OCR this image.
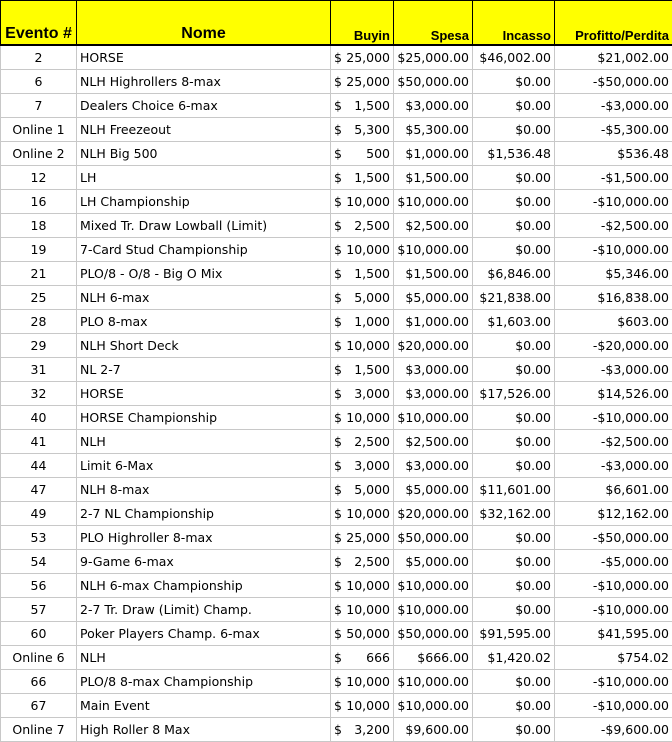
Evento #	Nome	Buyin	Spesa	Incasso	Profitto/Perdita
2	HORSE	$ 25,000	$25,000.00	$46,002.00	$21,002.00
6	NLH Highrollers 8-max	$ 25,000	$50,000.00	$0.00	-$50,000.00
7	Dealers Choice 6-max	$ 1,500	$3,000.00	$0.00	-$3,000.00
Online 1	NLH Freezeout	$ 5,300	$5,300.00	$0.00	-$5,300.00
Online 2	NLH Big 500	$ 500	$1,000.00	$1,536.48	$536.48
12	LH	$ 1,500	$1,500.00	$0.00	-$1,500.00
16	LH Championship	$ 10,000	$10,000.00	$0.00	-$10,000.00
18	Mixed Tr. Draw Lowball (Limit)	$ 2,500	$2,500.00	$0.00	-$2,500.00
19	7-Card Stud Championship	$ 10,000	$10,000.00	$0.00	-$10,000.00
21	PLO/8 - O/8 - Big O Mix	$ 1,500	$1,500.00	$6,846.00	$5,346.00
25	NLH 6-max	$ 5,000	$5,000.00	$21,838.00	$16,838.00
28	PLO 8-max	$ 1,000	$1,000.00	$1,603.00	$603.00
29	NLH Short Deck	$ 10,000	$20,000.00	$0.00	-$20,000.00
31	NL 2-7	$ 1,500	$3,000.00	$0.00	-$3,000.00
32	HORSE	$ 3,000	$3,000.00	$17,526.00	$14,526.00
40	HORSE Championship	$ 10,000	$10,000.00	$0.00	-$10,000.00
41	NLH	$ 2,500	$2,500.00	$0.00	-$2,500.00
44	Limit 6-Max	$ 3,000	$3,000.00	$0.00	-$3,000.00
47	NLH 8-max	$ 5,000	$5,000.00	$11,601.00	$6,601.00
49	2-7 NL Championship	$ 10,000	$20,000.00	$32,162.00	$12,162.00
53	PLO Highroller 8-max	$ 25,000	$50,000.00	$0.00	-$50,000.00
54	9-Game 6-max	$ 2,500	$5,000.00	$0.00	-$5,000.00
56	NLH 6-max Championship	$ 10,000	$10,000.00	$0.00	-$10,000.00
57	2-7 Tr. Draw (Limit) Champ.	$ 10,000	$10,000.00	$0.00	-$10,000.00
60	Poker Players Champ. 6-max	$ 50,000	$50,000.00	$91,595.00	$41,595.00
Online 6	NLH	$ 666	$666.00	$1,420.02	$754.02
66	PLO/8 8-max Championship	$ 10,000	$10,000.00	$0.00	-$10,000.00
67	Main Event	$ 10,000	$10,000.00	$0.00	-$10,000.00
Online 7	High Roller 8 Max	$ 3,200	$9,600.00	$0.00	-$9,600.00
